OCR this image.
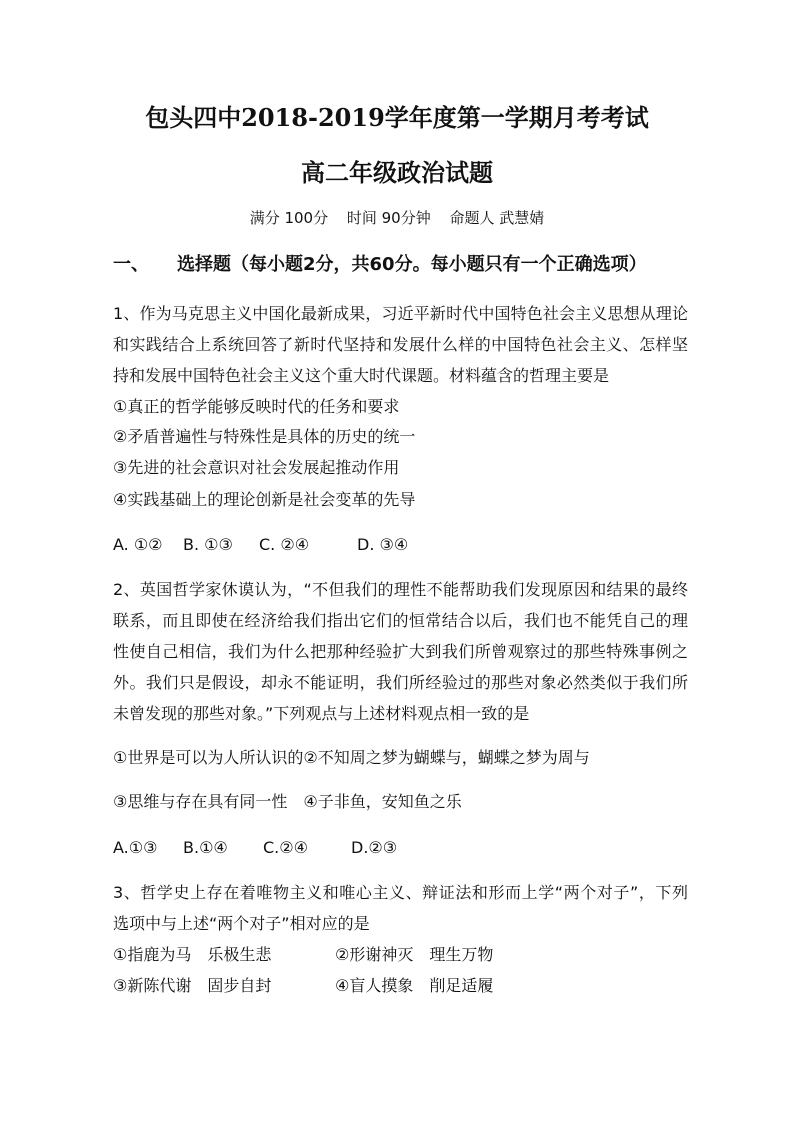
包头四中2018-2019学年度第一学期月考考试
高二年级政治试题
满分 100分 时间 90分钟 命题人 武慧婧
一、 选择题（每小题2分，共60分。每小题只有一个正确选项）
1、作为马克思主义中国化最新成果，习近平新时代中国特色社会主义思想从理论
和实践结合上系统回答了新时代坚持和发展什么样的中国特色社会主义、怎样坚
持和发展中国特色社会主义这个重大时代课题。材料蕴含的哲理主要是
①真正的哲学能够反映时代的任务和要求
②矛盾普遍性与特殊性是具体的历史的统一
③先进的社会意识对社会发展起推动作用
④实践基础上的理论创新是社会变革的先导
A. ①② B. ①③ C. ②④	D. ③④
2、英国哲学家休谟认为，“不但我们的理性不能帮助我们发现原因和结果的最终
联系，而且即使在经济给我们指出它们的恒常结合以后，我们也不能凭自己的理
性使自己相信，我们为什么把那种经验扩大到我们所曾观察过的那些特殊事例之
外。我们只是假设，却永不能证明，我们所经验过的那些对象必然类似于我们所
未曾发现的那些对象。”下列观点与上述材料观点相一致的是
①世界是可以为人所认识的②不知周之梦为蝴蝶与，蝴蝶之梦为周与
③思维与存在具有同一性　④子非鱼，安知鱼之乐
A.①③ B.①④ C.②④	D.②③
3、哲学史上存在着唯物主义和唯心主义、辩证法和形而上学“两个对子”，下列
选项中与上述“两个对子”相对应的是
①指鹿为马　乐极生悲	②形谢神灭　理生万物
③新陈代谢　固步自封	④盲人摸象　削足适履
